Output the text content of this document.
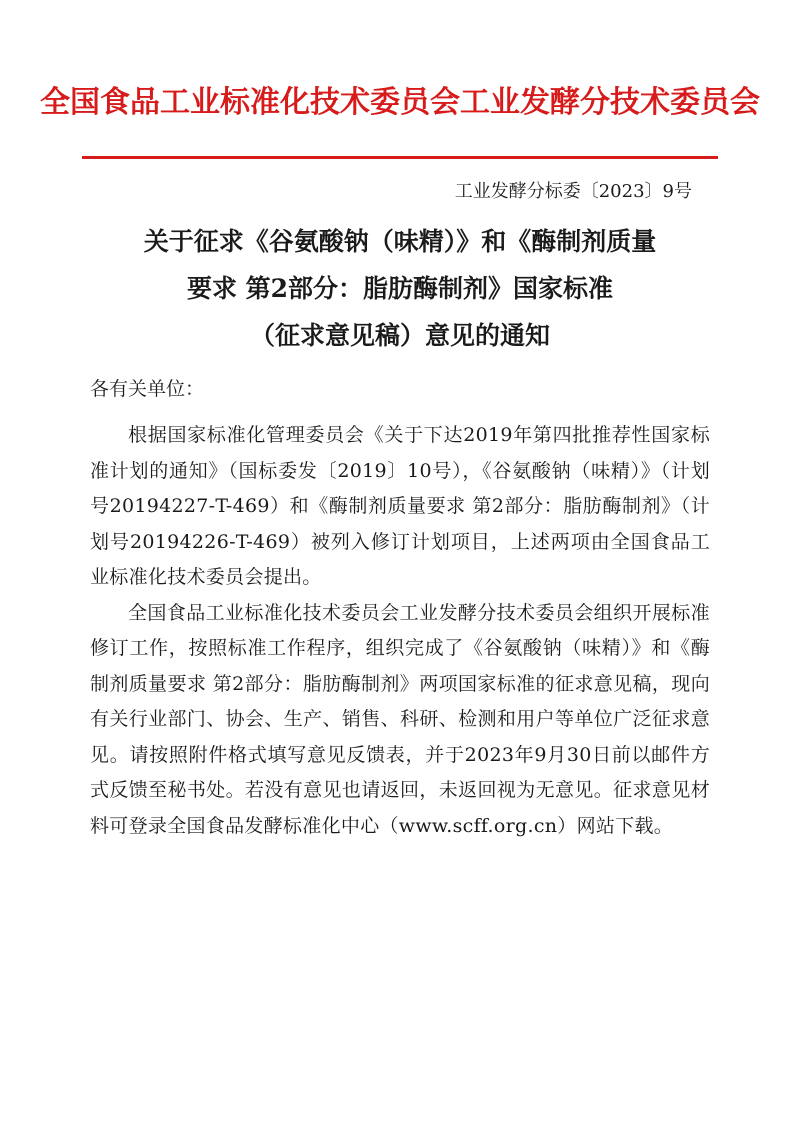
全国食品工业标准化技术委员会工业发酵分技术委员会
工业发酵分标委〔2023〕9号
关于征求《谷氨酸钠（味精）》和《酶制剂质量
要求 第2部分：脂肪酶制剂》国家标准
（征求意见稿）意见的通知
各有关单位：

根据国家标准化管理委员会《关于下达2019年第四批推荐性国家标准计划的通知》（国标委发〔2019〕10号），《谷氨酸钠（味精）》（计划号20194227-T-469）和《酶制剂质量要求 第2部分：脂肪酶制剂》（计划号20194226-T-469）被列入修订计划项目，上述两项由全国食品工业标准化技术委员会提出。

全国食品工业标准化技术委员会工业发酵分技术委员会组织开展标准修订工作，按照标准工作程序，组织完成了《谷氨酸钠（味精）》和《酶制剂质量要求 第2部分：脂肪酶制剂》两项国家标准的征求意见稿，现向有关行业部门、协会、生产、销售、科研、检测和用户等单位广泛征求意见。请按照附件格式填写意见反馈表，并于2023年9月30日前以邮件方式反馈至秘书处。若没有意见也请返回，未返回视为无意见。征求意见材料可登录全国食品发酵标准化中心（www.scff.org.cn）网站下载。
